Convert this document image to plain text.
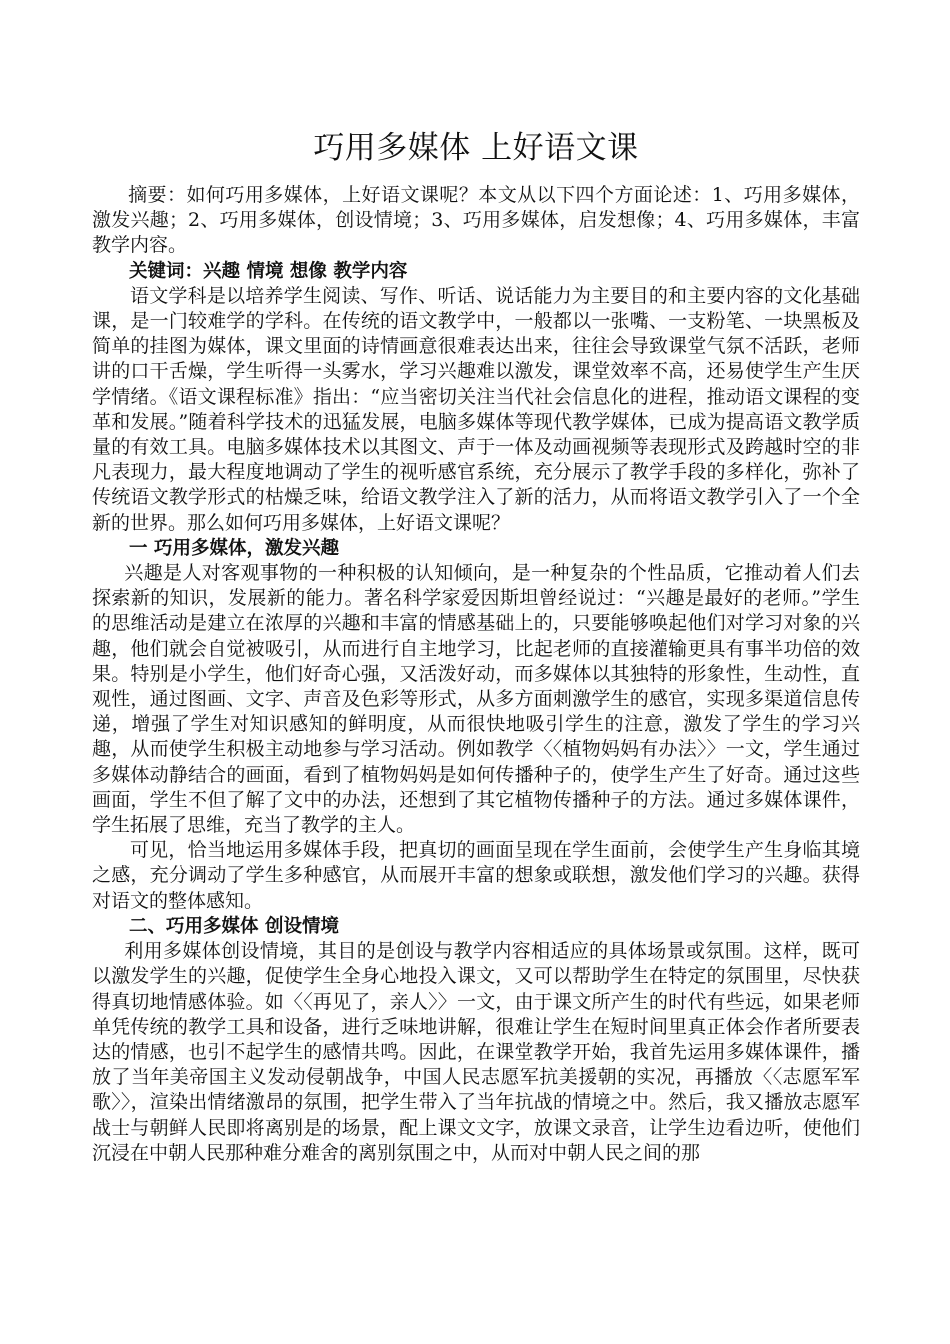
巧用多媒体 上好语文课

摘要：如何巧用多媒体，上好语文课呢？本文从以下四个方面论述：1、巧用多媒体，激发兴趣；2、巧用多媒体，创设情境；3、巧用多媒体，启发想像；4、巧用多媒体，丰富教学内容。

关键词：兴趣 情境 想像 教学内容

语文学科是以培养学生阅读、写作、听话、说话能力为主要目的和主要内容的文化基础课，是一门较难学的学科。在传统的语文教学中，一般都以一张嘴、一支粉笔、一块黑板及简单的挂图为媒体，课文里面的诗情画意很难表达出来，往往会导致课堂气氛不活跃，老师讲的口干舌燥，学生听得一头雾水，学习兴趣难以激发，课堂效率不高，还易使学生产生厌学情绪。《语文课程标准》指出：“应当密切关注当代社会信息化的进程，推动语文课程的变革和发展。”随着科学技术的迅猛发展，电脑多媒体等现代教学媒体，已成为提高语文教学质量的有效工具。电脑多媒体技术以其图文、声于一体及动画视频等表现形式及跨越时空的非凡表现力，最大程度地调动了学生的视听感官系统，充分展示了教学手段的多样化，弥补了传统语文教学形式的枯燥乏味，给语文教学注入了新的活力，从而将语文教学引入了一个全新的世界。那么如何巧用多媒体，上好语文课呢？

一 巧用多媒体，激发兴趣

兴趣是人对客观事物的一种积极的认知倾向，是一种复杂的个性品质，它推动着人们去探索新的知识，发展新的能力。著名科学家爱因斯坦曾经说过：“兴趣是最好的老师。”学生的思维活动是建立在浓厚的兴趣和丰富的情感基础上的，只要能够唤起他们对学习对象的兴趣，他们就会自觉被吸引，从而进行自主地学习，比起老师的直接灌输更具有事半功倍的效果。特别是小学生，他们好奇心强，又活泼好动，而多媒体以其独特的形象性，生动性，直观性，通过图画、文字、声音及色彩等形式，从多方面刺激学生的感官，实现多渠道信息传递，增强了学生对知识感知的鲜明度，从而很快地吸引学生的注意，激发了学生的学习兴趣，从而使学生积极主动地参与学习活动。例如教学〈〈植物妈妈有办法〉〉一文，学生通过多媒体动静结合的画面，看到了植物妈妈是如何传播种子的，使学生产生了好奇。通过这些画面，学生不但了解了文中的办法，还想到了其它植物传播种子的方法。通过多媒体课件，学生拓展了思维，充当了教学的主人。

可见，恰当地运用多媒体手段，把真切的画面呈现在学生面前，会使学生产生身临其境之感，充分调动了学生多种感官，从而展开丰富的想象或联想，激发他们学习的兴趣。获得对语文的整体感知。

二、巧用多媒体 创设情境

利用多媒体创设情境，其目的是创设与教学内容相适应的具体场景或氛围。这样，既可以激发学生的兴趣，促使学生全身心地投入课文，又可以帮助学生在特定的氛围里，尽快获得真切地情感体验。如〈〈再见了，亲人〉〉一文，由于课文所产生的时代有些远，如果老师单凭传统的教学工具和设备，进行乏味地讲解，很难让学生在短时间里真正体会作者所要表达的情感，也引不起学生的感情共鸣。因此，在课堂教学开始，我首先运用多媒体课件，播放了当年美帝国主义发动侵朝战争，中国人民志愿军抗美援朝的实况，再播放〈〈志愿军军歌〉〉，渲染出情绪激昂的氛围，把学生带入了当年抗战的情境之中。然后，我又播放志愿军战士与朝鲜人民即将离别是的场景，配上课文文字，放课文录音，让学生边看边听，使他们沉浸在中朝人民那种难分难舍的离别氛围之中，从而对中朝人民之间的那
